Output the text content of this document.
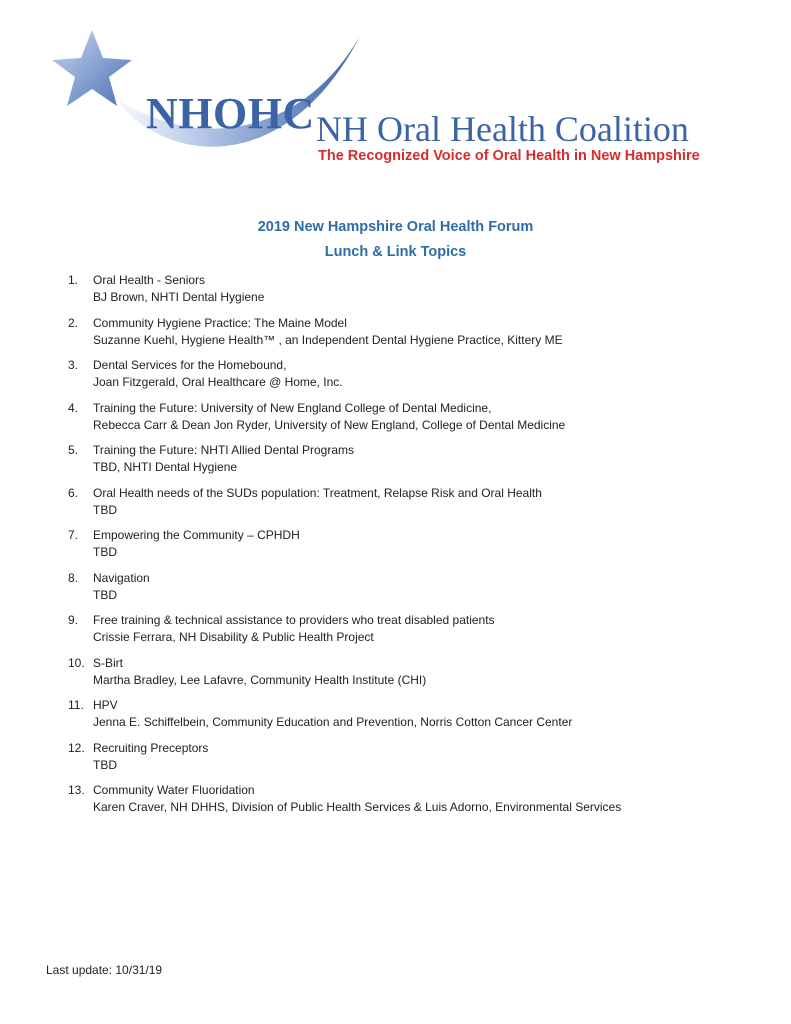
NHOHC NH Oral Health Coalition
The Recognized Voice of Oral Health in New Hampshire
2019 New Hampshire Oral Health Forum
Lunch & Link Topics
1. Oral Health - Seniors
BJ Brown, NHTI Dental Hygiene
2. Community Hygiene Practice: The Maine Model
Suzanne Kuehl, Hygiene Health™ , an Independent Dental Hygiene Practice, Kittery ME
3. Dental Services for the Homebound,
Joan Fitzgerald, Oral Healthcare @ Home, Inc.
4. Training the Future: University of New England College of Dental Medicine,
Rebecca Carr & Dean Jon Ryder, University of New England, College of Dental Medicine
5. Training the Future: NHTI Allied Dental Programs
TBD, NHTI Dental Hygiene
6. Oral Health needs of the SUDs population: Treatment, Relapse Risk and Oral Health
TBD
7. Empowering the Community – CPHDH
TBD
8. Navigation
TBD
9. Free training & technical assistance to providers who treat disabled patients
Crissie Ferrara, NH Disability & Public Health Project
10. S-Birt
Martha Bradley, Lee Lafavre, Community Health Institute (CHI)
11. HPV
Jenna E. Schiffelbein, Community Education and Prevention, Norris Cotton Cancer Center
12. Recruiting Preceptors
TBD
13. Community Water Fluoridation
Karen Craver, NH DHHS, Division of Public Health Services & Luis Adorno, Environmental Services
Last update: 10/31/19
